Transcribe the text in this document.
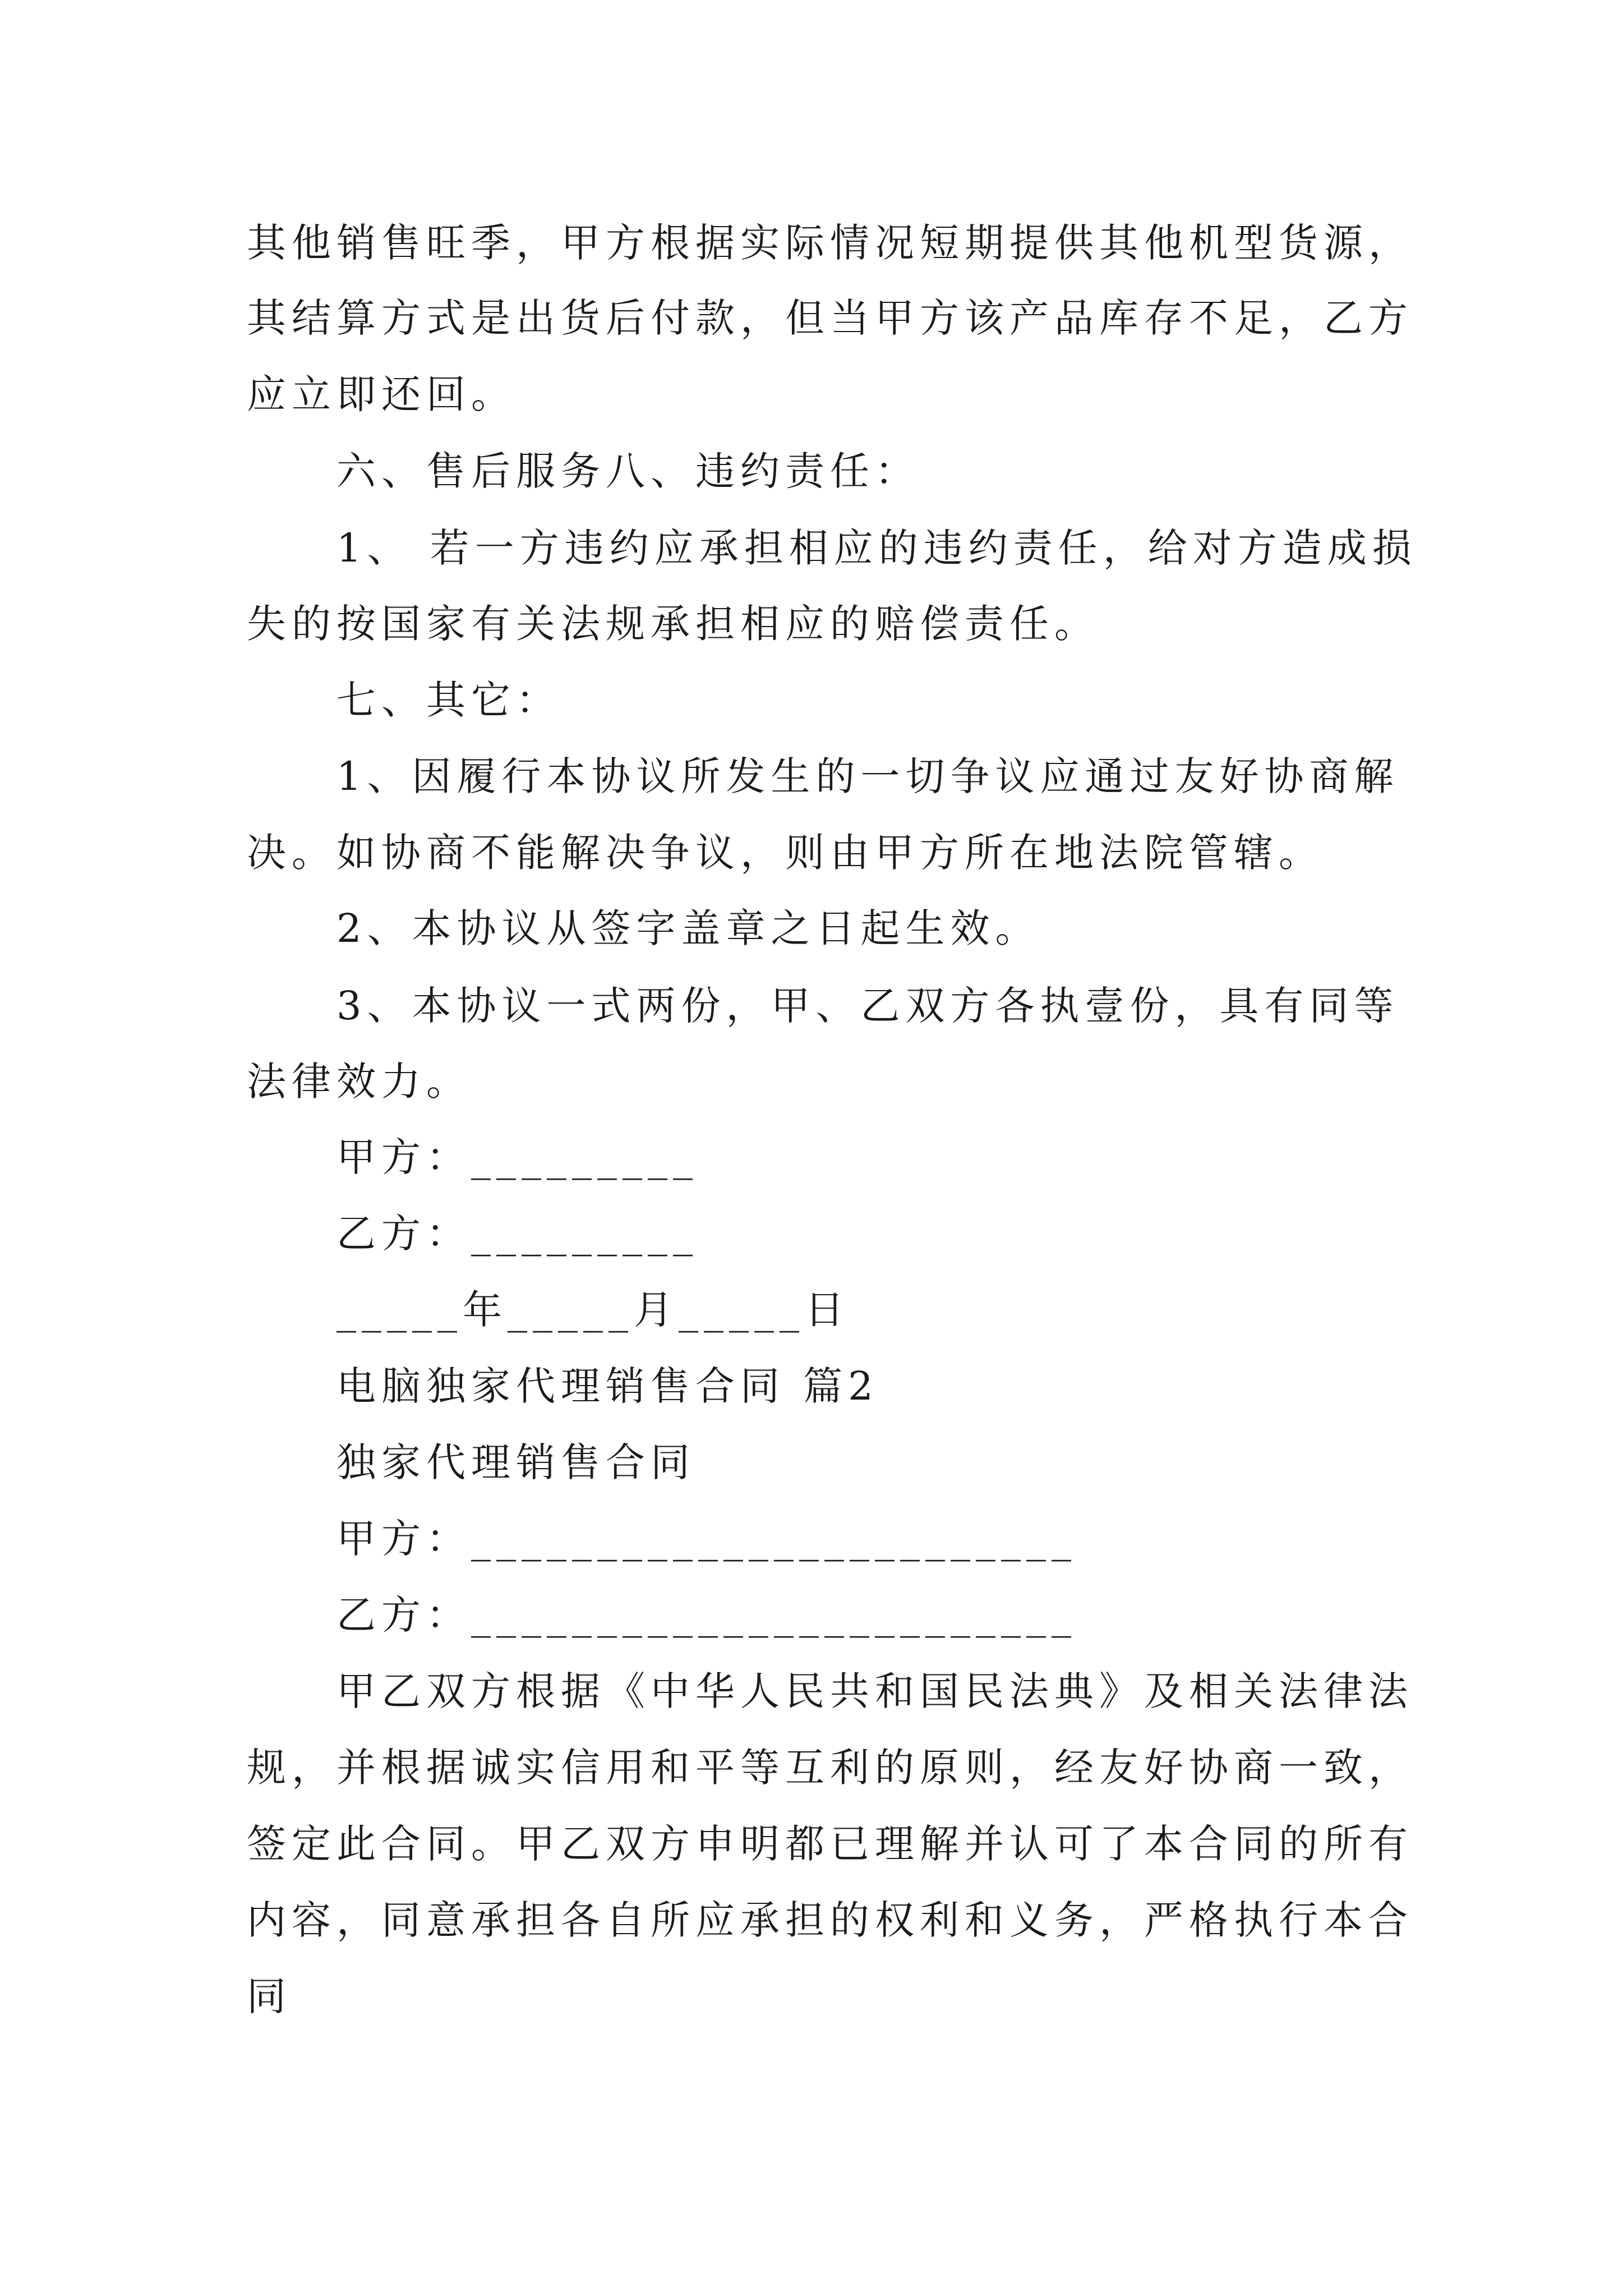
其他销售旺季，甲方根据实际情况短期提供其他机型货源，
其结算方式是出货后付款，但当甲方该产品库存不足，乙方
应立即还回。
六、售后服务八、违约责任：
1、 若一方违约应承担相应的违约责任，给对方造成损
失的按国家有关法规承担相应的赔偿责任。
七、其它：
1、因履行本协议所发生的一切争议应通过友好协商解
决。如协商不能解决争议，则由甲方所在地法院管辖。
2、本协议从签字盖章之日起生效。
3、本协议一式两份，甲、乙双方各执壹份，具有同等
法律效力。
甲方：_________
乙方：_________
_____年_____月_____日
电脑独家代理销售合同 篇2
独家代理销售合同
甲方：________________________
乙方：________________________
甲乙双方根据《中华人民共和国民法典》及相关法律法
规，并根据诚实信用和平等互利的原则，经友好协商一致，
签定此合同。甲乙双方申明都已理解并认可了本合同的所有
内容，同意承担各自所应承担的权利和义务，严格执行本合
同
